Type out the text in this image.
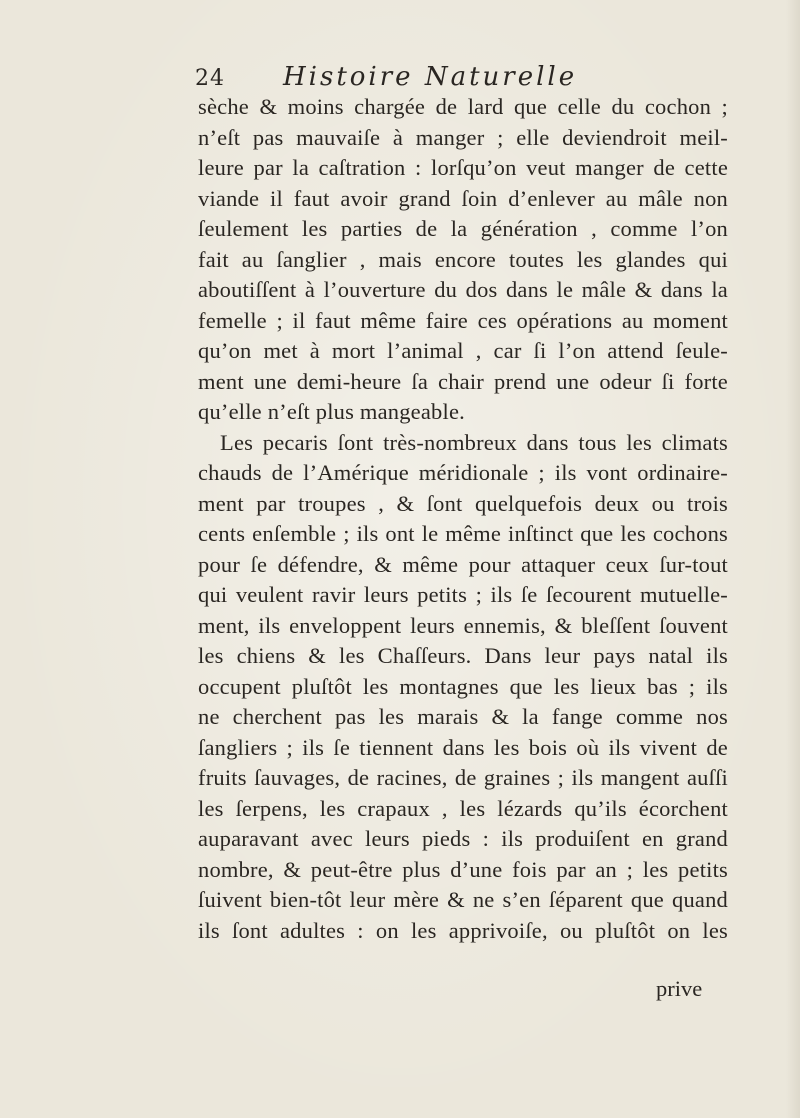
24 Histoire Naturelle
sèche & moins chargée de lard que celle du cochon ;
n’eſt pas mauvaiſe à manger ; elle deviendroit meil-
leure par la caſtration : lorſqu’on veut manger de cette
viande il faut avoir grand ſoin d’enlever au mâle non
ſeulement les parties de la génération , comme l’on
fait au ſanglier , mais encore toutes les glandes qui
aboutiſſent à l’ouverture du dos dans le mâle & dans la
femelle ; il faut même faire ces opérations au moment
qu’on met à mort l’animal , car ſi l’on attend ſeule-
ment une demi-heure ſa chair prend une odeur ſi forte
qu’elle n’eſt plus mangeable.
Les pecaris ſont très-nombreux dans tous les climats
chauds de l’Amérique méridionale ; ils vont ordinaire-
ment par troupes , & ſont quelquefois deux ou trois
cents enſemble ; ils ont le même inſtinct que les cochons
pour ſe défendre, & même pour attaquer ceux ſur-tout
qui veulent ravir leurs petits ; ils ſe ſecourent mutuelle-
ment, ils enveloppent leurs ennemis, & bleſſent ſouvent
les chiens & les Chaſſeurs. Dans leur pays natal ils
occupent pluſtôt les montagnes que les lieux bas ; ils
ne cherchent pas les marais & la fange comme nos
ſangliers ; ils ſe tiennent dans les bois où ils vivent de
fruits ſauvages, de racines, de graines ; ils mangent auſſi
les ſerpens, les crapaux , les lézards qu’ils écorchent
auparavant avec leurs pieds : ils produiſent en grand
nombre, & peut-être plus d’une fois par an ; les petits
ſuivent bien-tôt leur mère & ne s’en ſéparent que quand
ils ſont adultes : on les apprivoiſe, ou pluſtôt on les
prive
